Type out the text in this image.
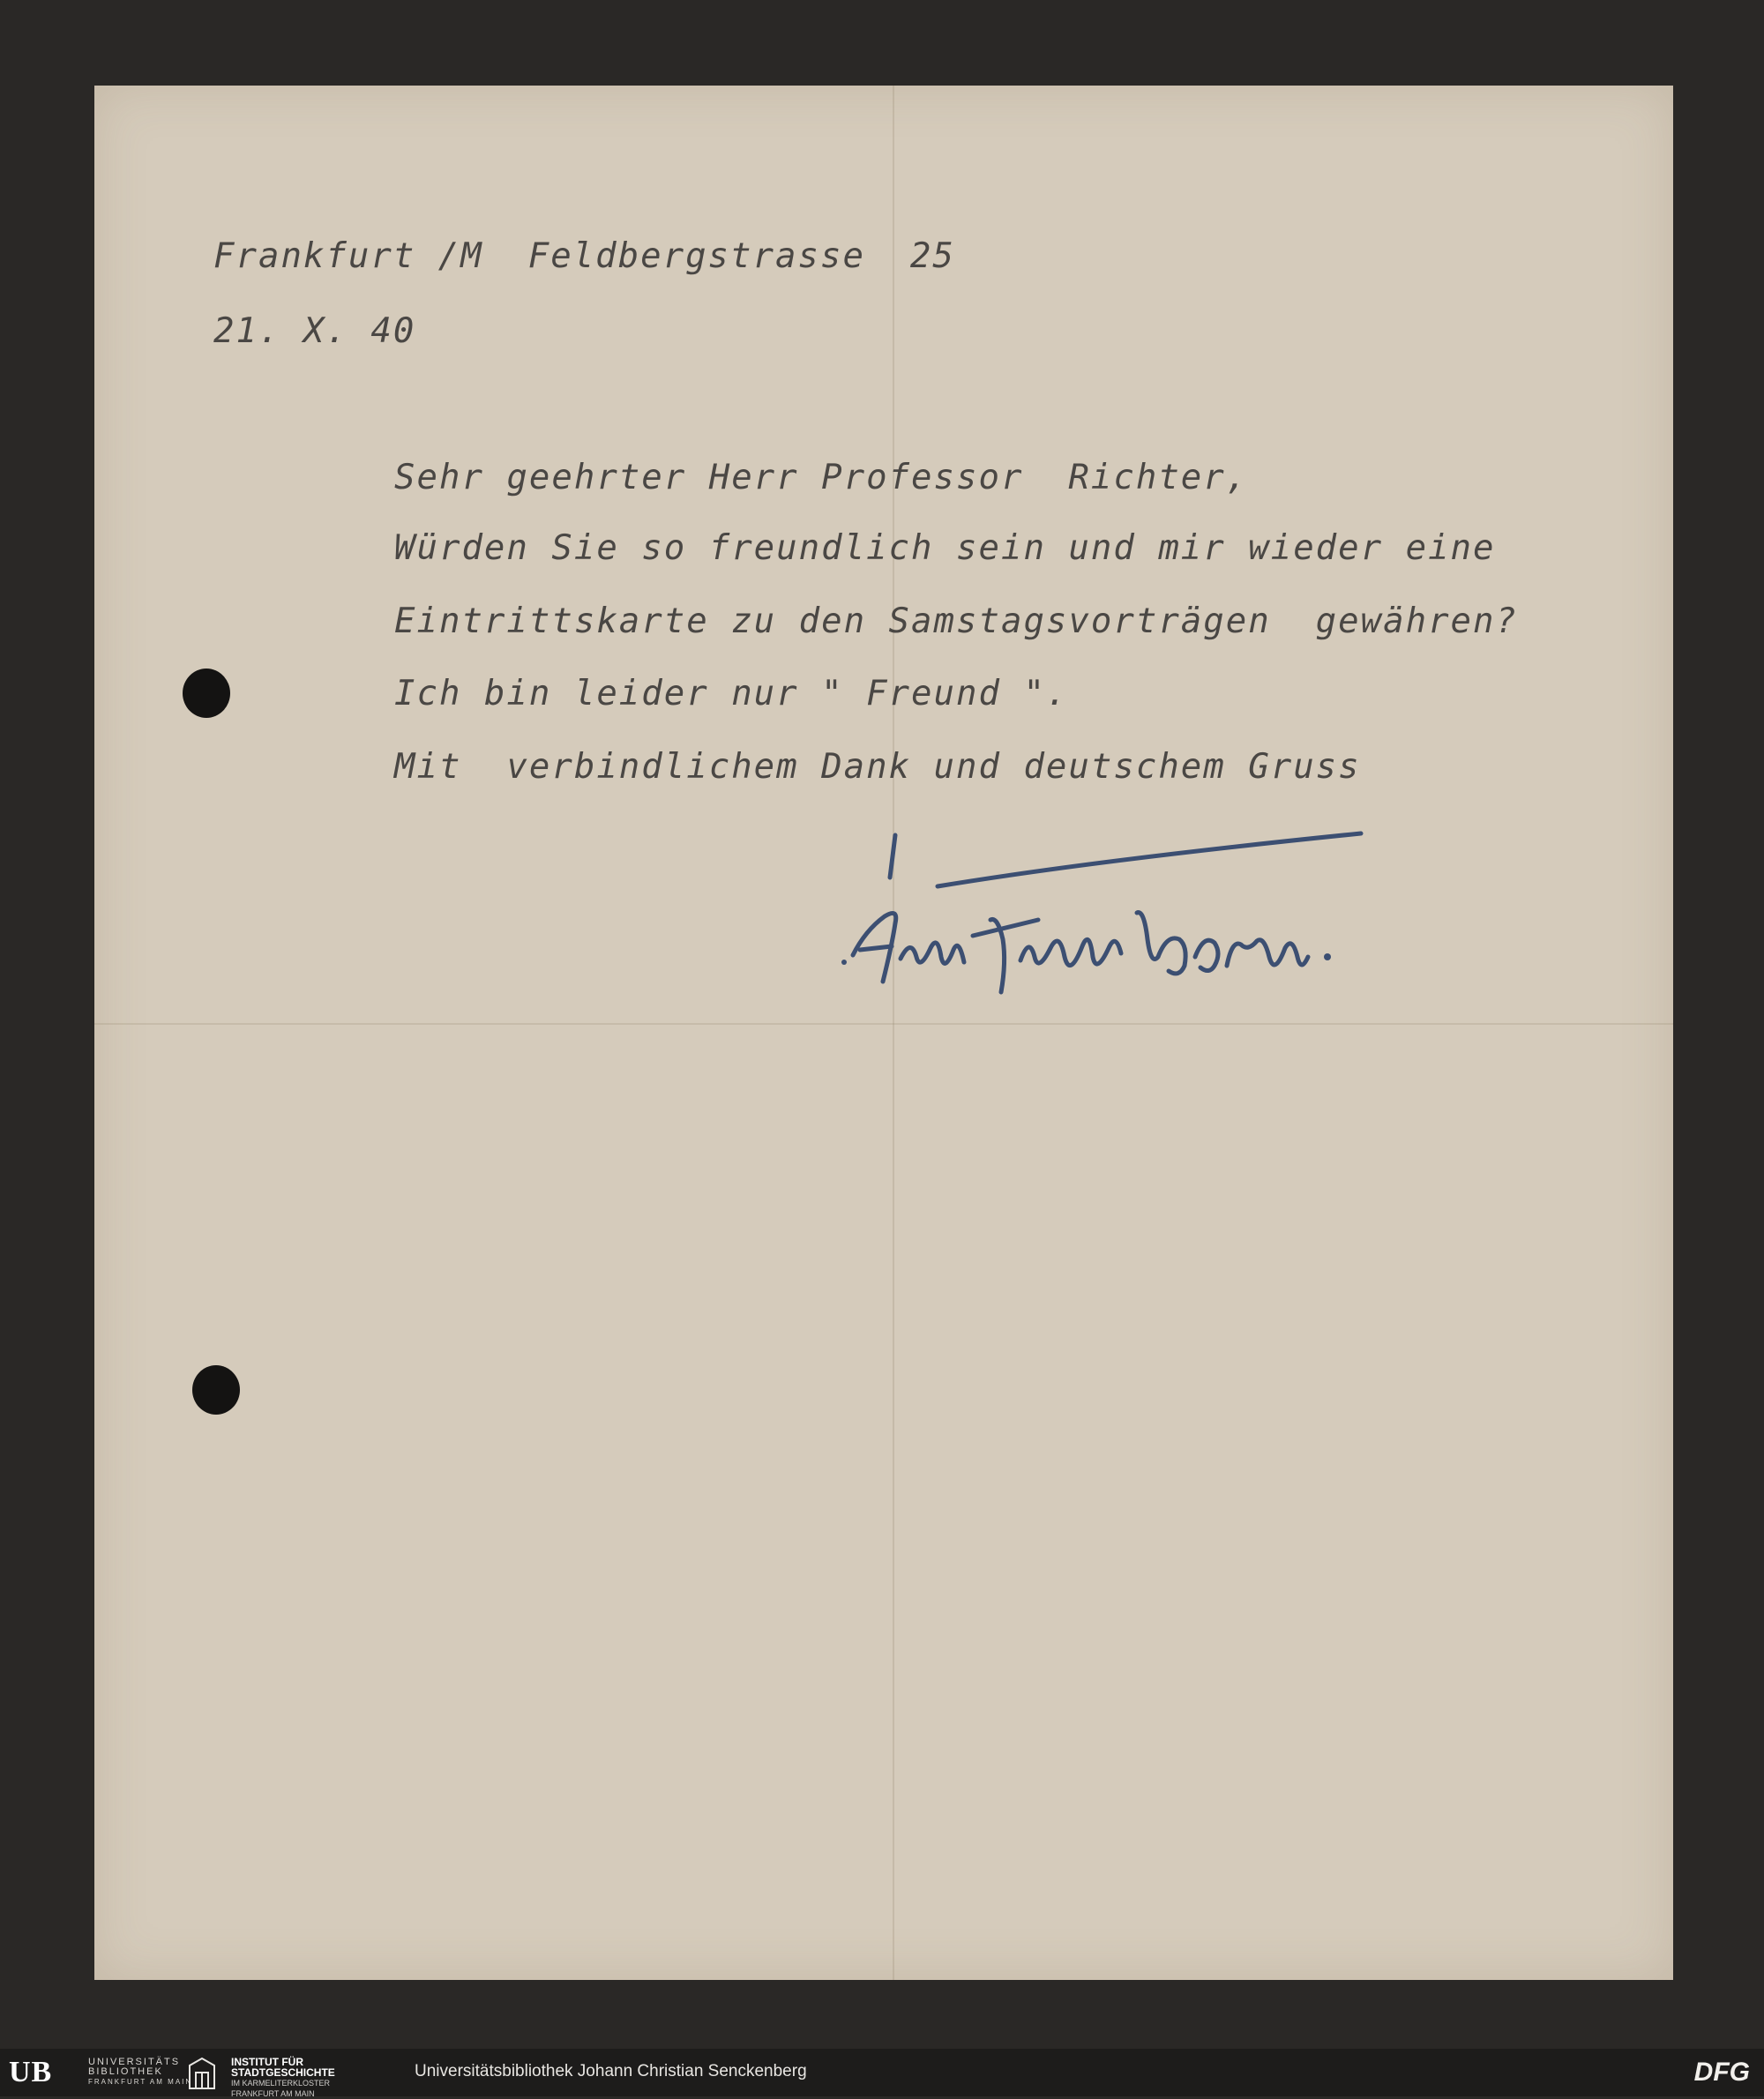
Frankfurt /M  Feldbergstrasse  25

21. X. 40

Sehr geehrter Herr Professor  Richter,

Würden Sie so freundlich sein und mir wieder eine

Eintrittskarte zu den Samstagsvorträgen  gewähren?

Ich bin leider nur " Freund ".

Mit  verbindlichem Dank und deutschem Gruss

UB	UNIVERSITÄTS
BIBLIOTHEK
FRANKFURT AM MAIN
INSTITUT FÜR
STADTGESCHICHTE
IM KARMELITERKLOSTER
FRANKFURT AM MAIN
Universitätsbibliothek Johann Christian Senckenberg	DFG
